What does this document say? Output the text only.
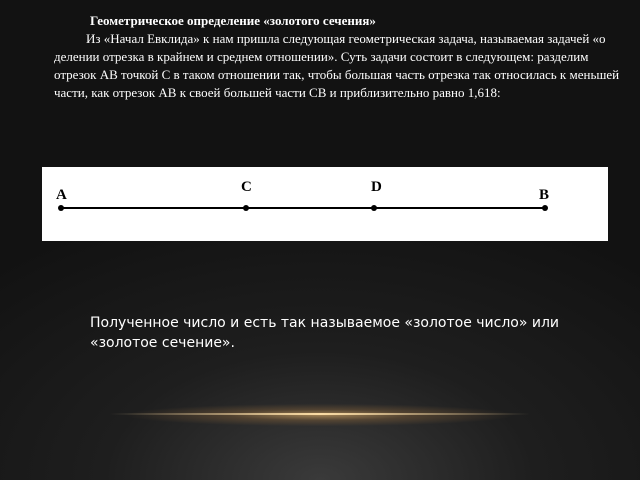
Геометрическое определение «золотого сечения»
Из «Начал Евклида» к нам пришла следующая геометрическая задача, называемая задачей «о делении отрезка в крайнем и среднем отношении». Суть задачи состоит в следующем: разделим отрезок АВ точкой С в таком отношении так, чтобы большая часть отрезка так относилась к меньшей части, как отрезок АВ к своей большей части СВ и приблизительно равно 1,618:
A	C	D	B
Полученное число и есть так называемое «золотое число» или «золотое сечение».
